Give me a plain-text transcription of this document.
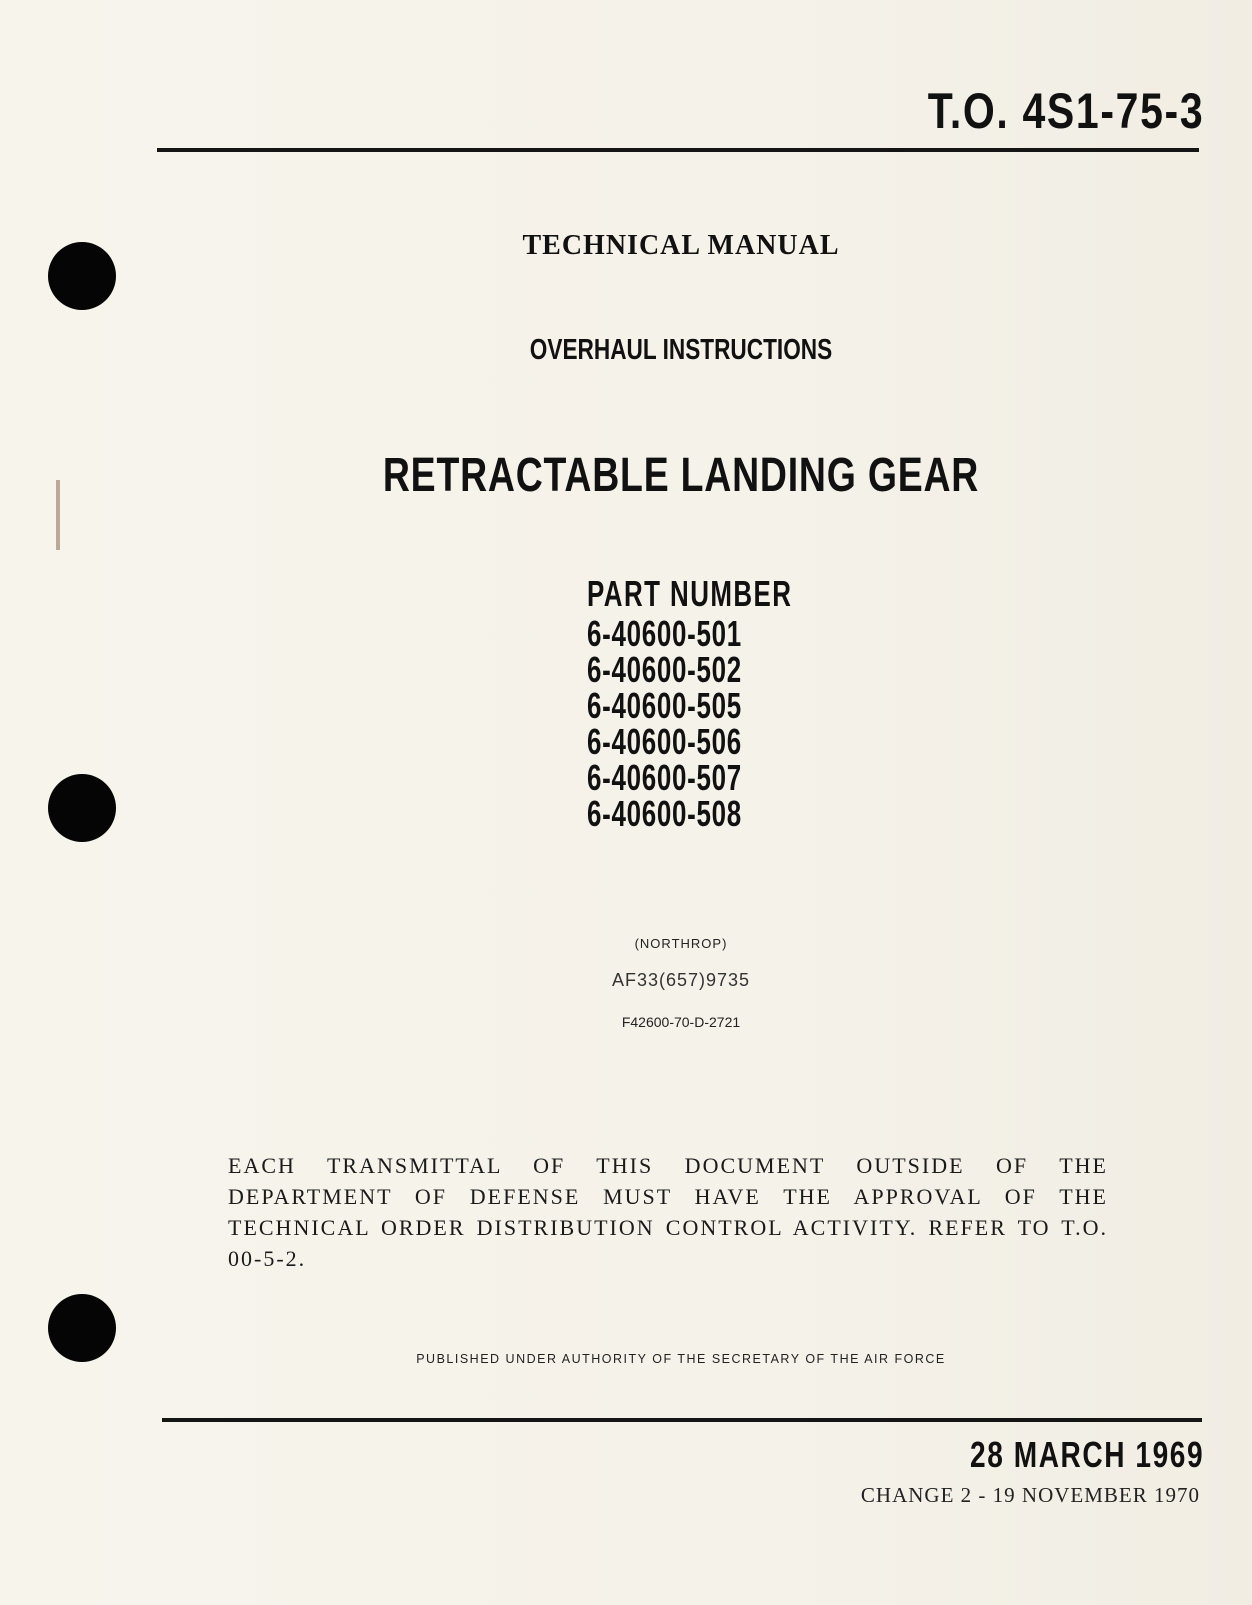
T.O. 4S1-75-3
TECHNICAL MANUAL
OVERHAUL INSTRUCTIONS
RETRACTABLE LANDING GEAR
PART NUMBER
6-40600-501
6-40600-502
6-40600-505
6-40600-506
6-40600-507
6-40600-508
(NORTHROP)
AF33(657)9735
F42600-70-D-2721
EACH TRANSMITTAL OF THIS DOCUMENT OUTSIDE OF THE DEPARTMENT OF DEFENSE MUST HAVE THE APPROVAL OF THE TECHNICAL ORDER DISTRIBUTION CONTROL ACTIVITY. REFER TO T.O. 00-5-2.
PUBLISHED UNDER AUTHORITY OF THE SECRETARY OF THE AIR FORCE
28 MARCH 1969
CHANGE 2 - 19 NOVEMBER 1970
